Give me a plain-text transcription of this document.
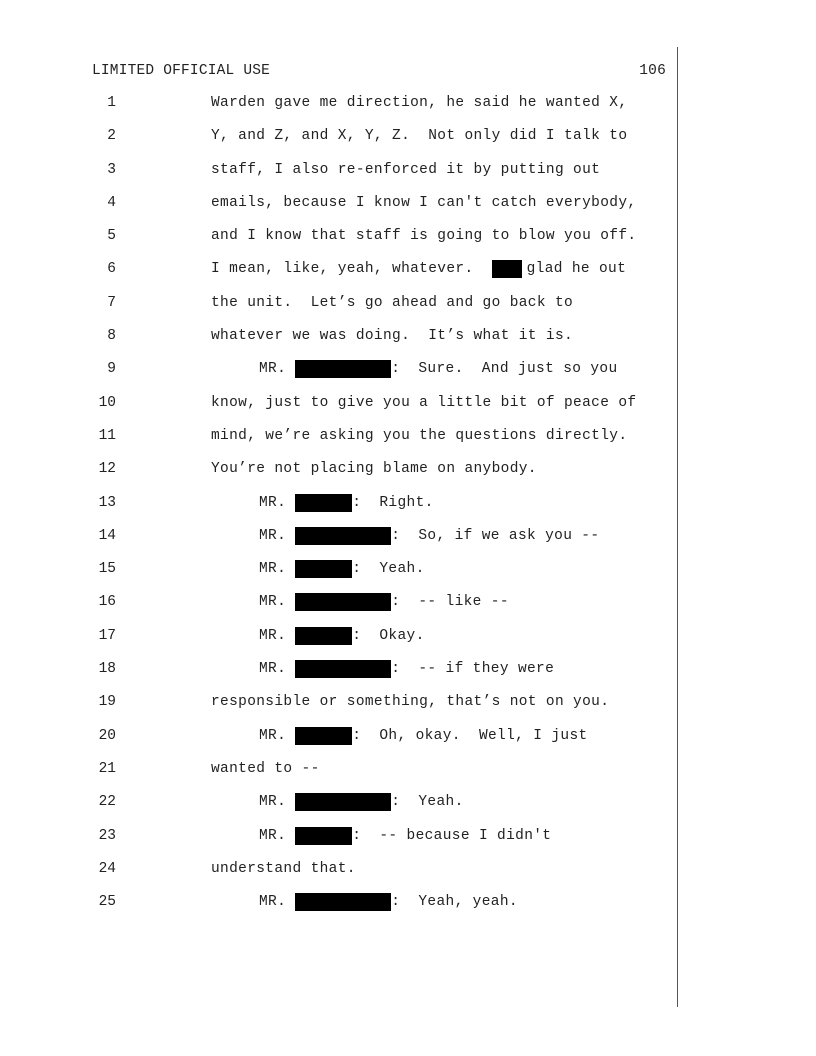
LIMITED OFFICIAL USE	106
1	Warden gave me direction, he said he wanted X,
2	Y, and Z, and X, Y, Z.  Not only did I talk to
3	staff, I also re-enforced it by putting out
4	emails, because I know I can't catch everybody,
5	and I know that staff is going to blow you off.
6	I mean, like, yeah, whatever.  glad he out
7	the unit.  Let’s go ahead and go back to
8	whatever we was doing.  It’s what it is.
9	MR.	:  Sure.  And just so you
10	know, just to give you a little bit of peace of
11	mind, we’re asking you the questions directly.
12	You’re not placing blame on anybody.
13	MR.	:  Right.
14	MR.	:  So, if we ask you --
15	MR.	:  Yeah.
16	MR.	:  -- like --
17	MR.	:  Okay.
18	MR.	:  -- if they were
19	responsible or something, that’s not on you.
20	MR.	:  Oh, okay.  Well, I just
21	wanted to --
22	MR.	:  Yeah.
23	MR.	:  -- because I didn't
24	understand that.
25	MR.	:  Yeah, yeah.
